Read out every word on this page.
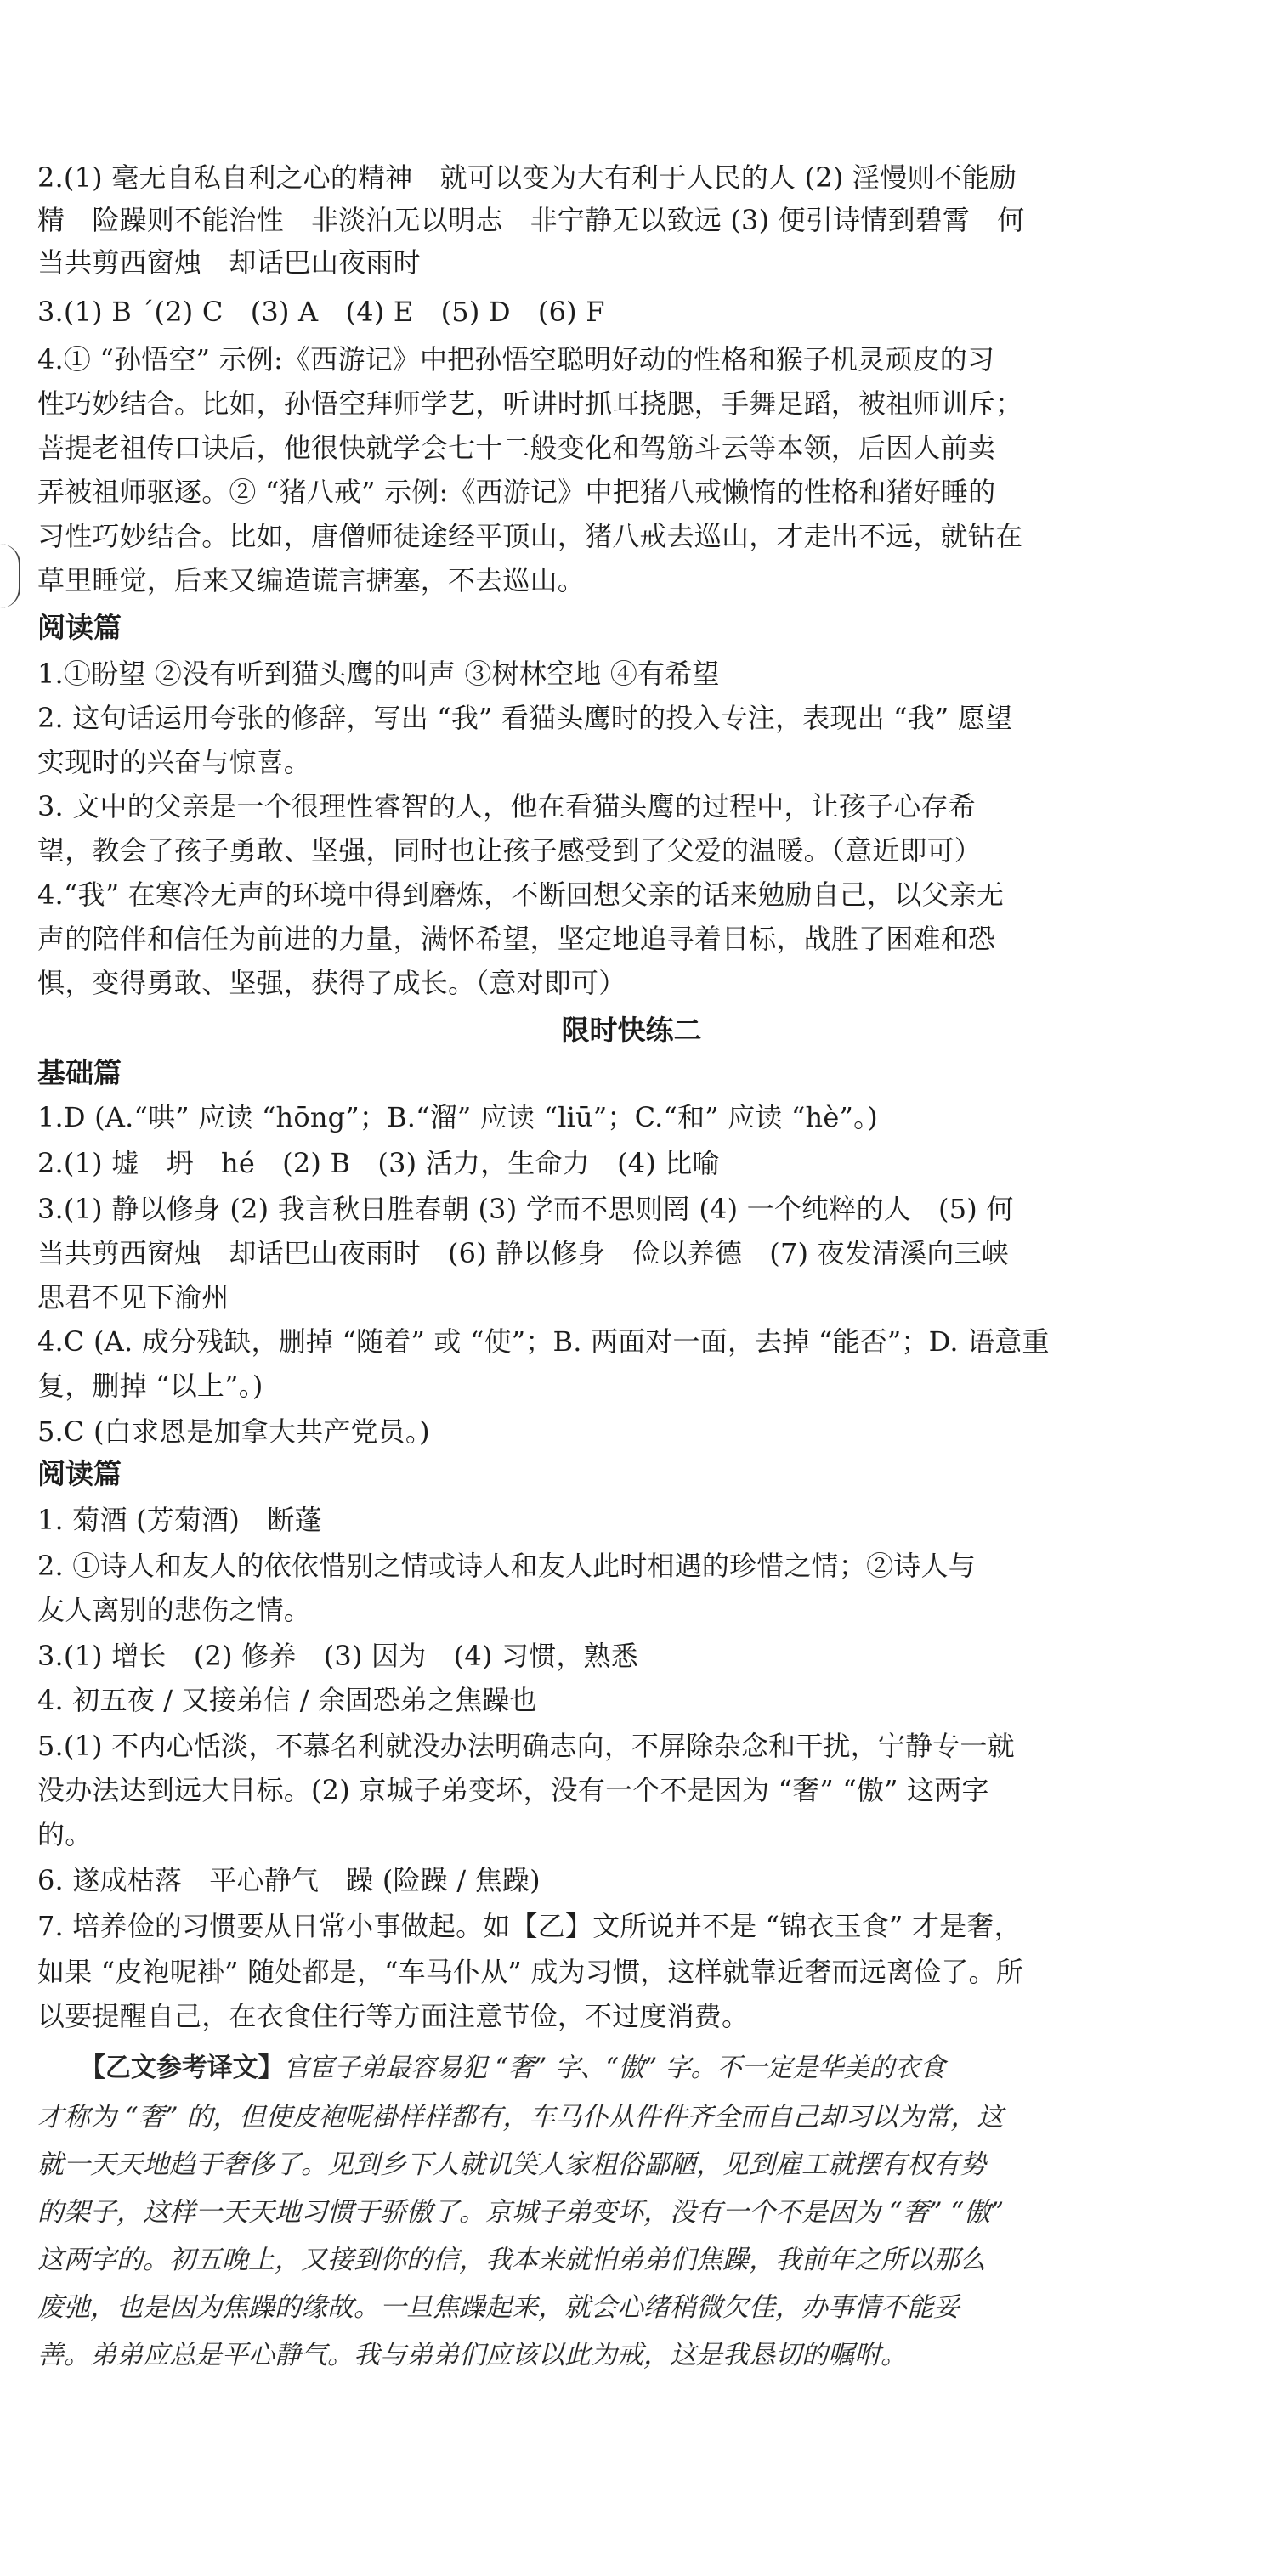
2.(1) 毫无自私自利之心的精神　就可以变为大有利于人民的人 (2) 淫慢则不能励
精　险躁则不能治性　非淡泊无以明志　非宁静无以致远 (3) 便引诗情到碧霄　何
当共剪西窗烛　却话巴山夜雨时
3.(1) B ˊ(2) C　(3) A　(4) E　(5) D　(6) F
4.① “孙悟空” 示例:《西游记》中把孙悟空聪明好动的性格和猴子机灵顽皮的习
性巧妙结合。比如，孙悟空拜师学艺，听讲时抓耳挠腮，手舞足蹈，被祖师训斥；
菩提老祖传口诀后，他很快就学会七十二般变化和驾筋斗云等本领，后因人前卖
弄被祖师驱逐。② “猪八戒” 示例:《西游记》中把猪八戒懒惰的性格和猪好睡的
习性巧妙结合。比如，唐僧师徒途经平顶山，猪八戒去巡山，才走出不远，就钻在
草里睡觉，后来又编造谎言搪塞，不去巡山。
阅读篇
1.①盼望 ②没有听到猫头鹰的叫声 ③树林空地 ④有希望
2. 这句话运用夸张的修辞，写出 “我” 看猫头鹰时的投入专注，表现出 “我” 愿望
实现时的兴奋与惊喜。
3. 文中的父亲是一个很理性睿智的人，他在看猫头鹰的过程中，让孩子心存希
望，教会了孩子勇敢、坚强，同时也让孩子感受到了父爱的温暖。（意近即可）
4.“我” 在寒冷无声的环境中得到磨炼，不断回想父亲的话来勉励自己，以父亲无
声的陪伴和信任为前进的力量，满怀希望，坚定地追寻着目标，战胜了困难和恐
惧，变得勇敢、坚强，获得了成长。（意对即可）
限时快练二
基础篇
1.D (A.“哄” 应读 “hōng”；B.“溜” 应读 “liū”；C.“和” 应读 “hè”。)
2.(1) 墟　坍　hé　(2) B　(3) 活力，生命力　(4) 比喻
3.(1) 静以修身 (2) 我言秋日胜春朝 (3) 学而不思则罔 (4) 一个纯粹的人　(5) 何
当共剪西窗烛　却话巴山夜雨时　(6) 静以修身　俭以养德　(7) 夜发清溪向三峡
思君不见下渝州
4.C (A. 成分残缺，删掉 “随着” 或 “使”；B. 两面对一面，去掉 “能否”；D. 语意重
复，删掉 “以上”。)
5.C (白求恩是加拿大共产党员。)
阅读篇
1. 菊酒 (芳菊酒)　断蓬
2. ①诗人和友人的依依惜别之情或诗人和友人此时相遇的珍惜之情；②诗人与
友人离别的悲伤之情。
3.(1) 增长　(2) 修养　(3) 因为　(4) 习惯，熟悉
4. 初五夜 / 又接弟信 / 余固恐弟之焦躁也
5.(1) 不内心恬淡，不慕名利就没办法明确志向，不屏除杂念和干扰，宁静专一就
没办法达到远大目标。(2) 京城子弟变坏，没有一个不是因为 “奢” “傲” 这两字
的。
6. 遂成枯落　平心静气　躁 (险躁 / 焦躁)
7. 培养俭的习惯要从日常小事做起。如【乙】文所说并不是 “锦衣玉食” 才是奢，
如果 “皮袍呢褂” 随处都是，“车马仆从” 成为习惯，这样就靠近奢而远离俭了。所
以要提醒自己，在衣食住行等方面注意节俭，不过度消费。
【乙文参考译文】官宦子弟最容易犯 “奢” 字、“傲” 字。不一定是华美的衣食
才称为 “奢” 的，但使皮袍呢褂样样都有，车马仆从件件齐全而自己却习以为常，这
就一天天地趋于奢侈了。见到乡下人就讥笑人家粗俗鄙陋，见到雇工就摆有权有势
的架子，这样一天天地习惯于骄傲了。京城子弟变坏，没有一个不是因为 “奢” “傲”
这两字的。初五晚上，又接到你的信，我本来就怕弟弟们焦躁，我前年之所以那么
废弛，也是因为焦躁的缘故。一旦焦躁起来，就会心绪稍微欠佳，办事情不能妥
善。弟弟应总是平心静气。我与弟弟们应该以此为戒，这是我恳切的嘱咐。
